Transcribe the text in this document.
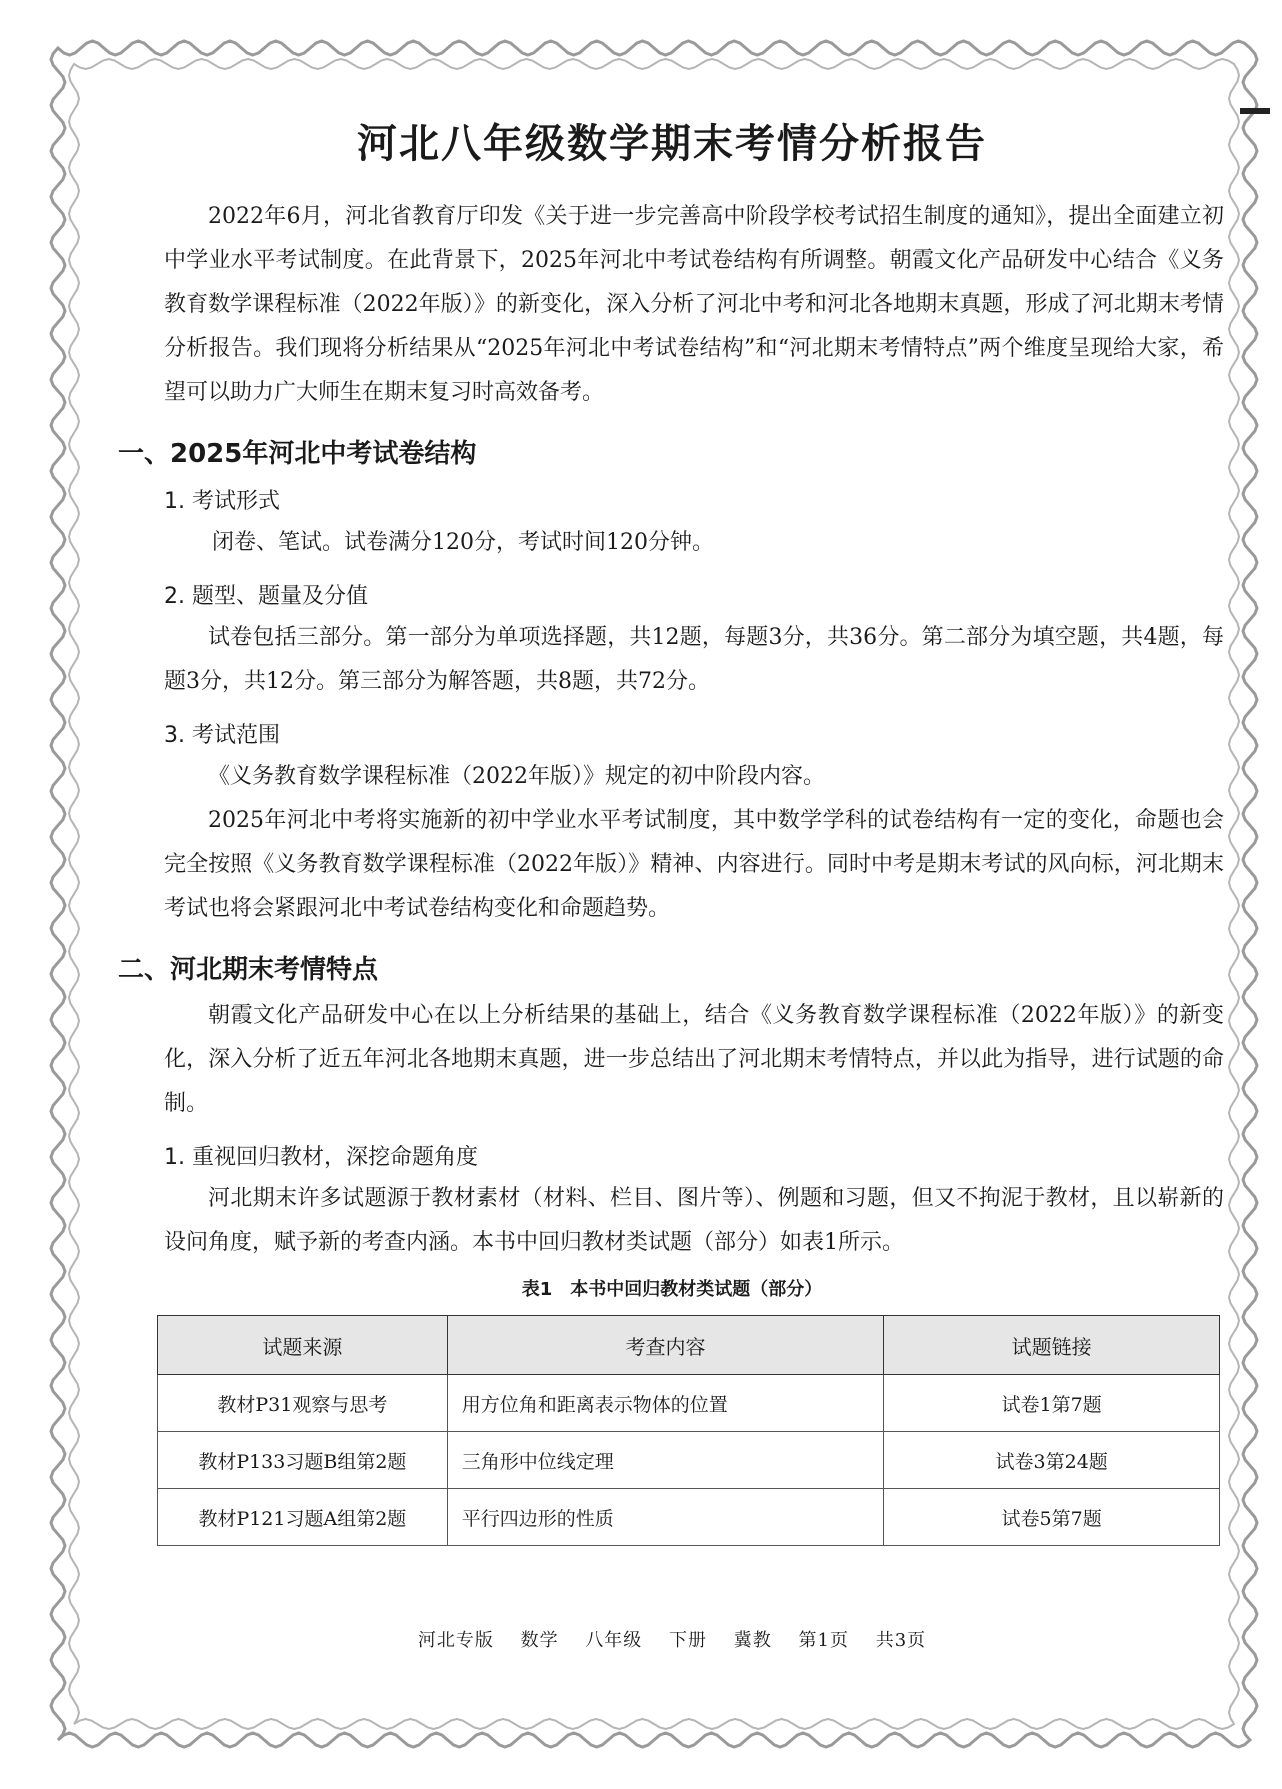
河北八年级数学期末考情分析报告

2022年6月，河北省教育厅印发《关于进一步完善高中阶段学校考试招生制度的通知》，提出全面建立初中学业水平考试制度。在此背景下，2025年河北中考试卷结构有所调整。朝霞文化产品研发中心结合《义务教育数学课程标准（2022年版）》的新变化，深入分析了河北中考和河北各地期末真题，形成了河北期末考情分析报告。我们现将分析结果从“2025年河北中考试卷结构”和“河北期末考情特点”两个维度呈现给大家，希望可以助力广大师生在期末复习时高效备考。

一、2025年河北中考试卷结构
1. 考试形式

闭卷、笔试。试卷满分120分，考试时间120分钟。

2. 题型、题量及分值

试卷包括三部分。第一部分为单项选择题，共12题，每题3分，共36分。第二部分为填空题，共4题，每题3分，共12分。第三部分为解答题，共8题，共72分。

3. 考试范围

《义务教育数学课程标准（2022年版）》规定的初中阶段内容。

2025年河北中考将实施新的初中学业水平考试制度，其中数学学科的试卷结构有一定的变化，命题也会完全按照《义务教育数学课程标准（2022年版）》精神、内容进行。同时中考是期末考试的风向标，河北期末考试也将会紧跟河北中考试卷结构变化和命题趋势。

二、河北期末考情特点

朝霞文化产品研发中心在以上分析结果的基础上，结合《义务教育数学课程标准（2022年版）》的新变化，深入分析了近五年河北各地期末真题，进一步总结出了河北期末考情特点，并以此为指导，进行试题的命制。

1. 重视回归教材，深挖命题角度

河北期末许多试题源于教材素材（材料、栏目、图片等）、例题和习题，但又不拘泥于教材，且以崭新的设问角度，赋予新的考查内涵。本书中回归教材类试题（部分）如表1所示。

表1　本书中回归教材类试题（部分）
试题来源	考查内容	试题链接
教材P31观察与思考	用方位角和距离表示物体的位置	试卷1第7题
教材P133习题B组第2题	三角形中位线定理	试卷3第24题
教材P121习题A组第2题	平行四边形的性质	试卷5第7题
河北专版 数学 八年级 下册 冀教 第1页 共3页
